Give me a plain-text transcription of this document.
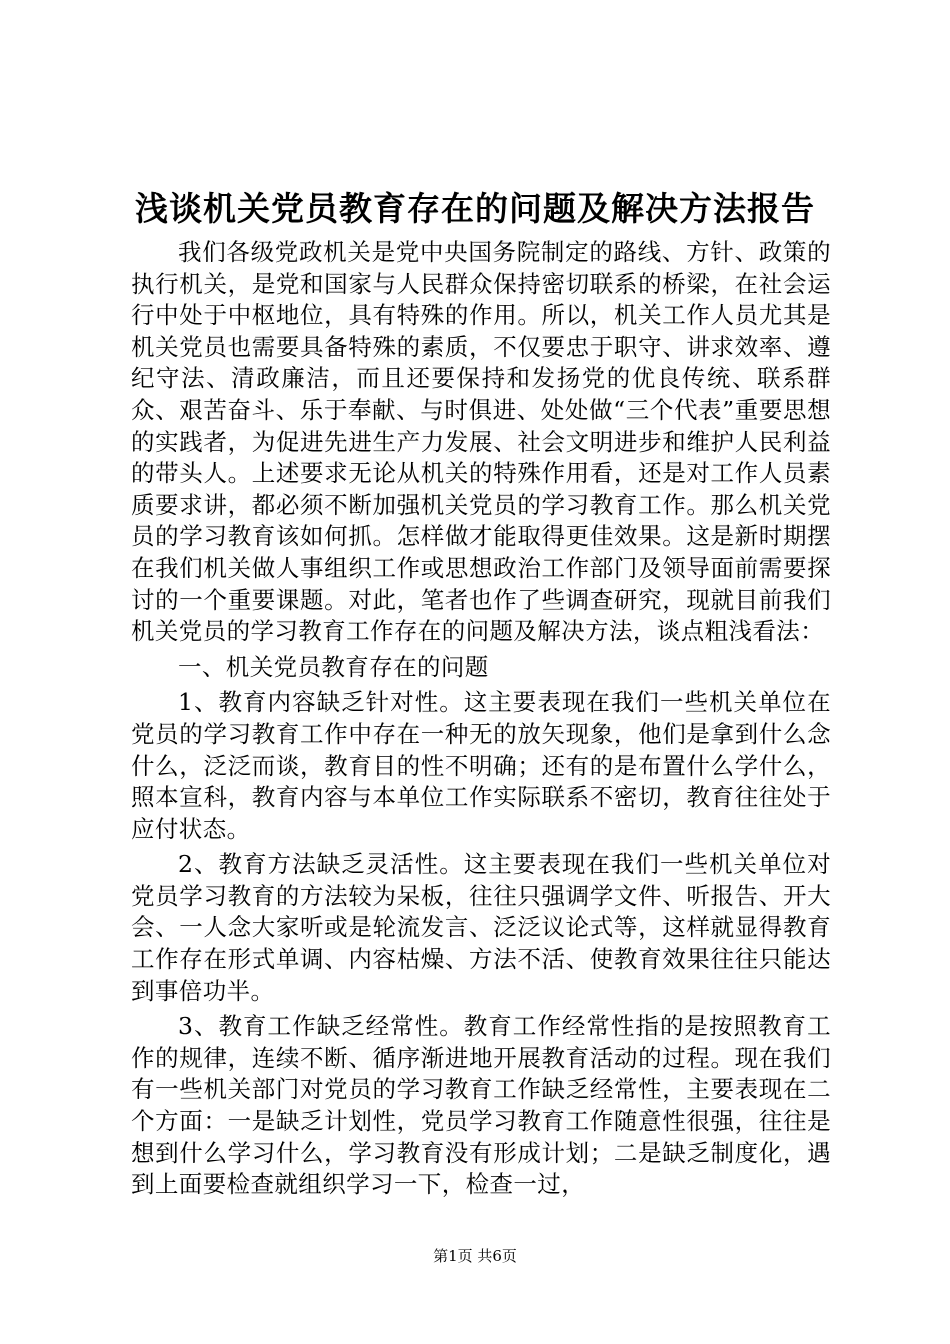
浅谈机关党员教育存在的问题及解决方法报告

我们各级党政机关是党中央国务院制定的路线、方针、政策的执行机关，是党和国家与人民群众保持密切联系的桥梁，在社会运行中处于中枢地位，具有特殊的作用。所以，机关工作人员尤其是机关党员也需要具备特殊的素质，不仅要忠于职守、讲求效率、遵纪守法、清政廉洁，而且还要保持和发扬党的优良传统、联系群众、艰苦奋斗、乐于奉献、与时俱进、处处做“三个代表”重要思想的实践者，为促进先进生产力发展、社会文明进步和维护人民利益的带头人。上述要求无论从机关的特殊作用看，还是对工作人员素质要求讲，都必须不断加强机关党员的学习教育工作。那么机关党员的学习教育该如何抓。怎样做才能取得更佳效果。这是新时期摆在我们机关做人事组织工作或思想政治工作部门及领导面前需要探讨的一个重要课题。对此，笔者也作了些调查研究，现就目前我们机关党员的学习教育工作存在的问题及解决方法，谈点粗浅看法：

一、机关党员教育存在的问题

1、教育内容缺乏针对性。这主要表现在我们一些机关单位在党员的学习教育工作中存在一种无的放矢现象，他们是拿到什么念什么，泛泛而谈，教育目的性不明确；还有的是布置什么学什么，照本宣科，教育内容与本单位工作实际联系不密切，教育往往处于应付状态。

2、教育方法缺乏灵活性。这主要表现在我们一些机关单位对党员学习教育的方法较为呆板，往往只强调学文件、听报告、开大会、一人念大家听或是轮流发言、泛泛议论式等，这样就显得教育工作存在形式单调、内容枯燥、方法不活、使教育效果往往只能达到事倍功半。

3、教育工作缺乏经常性。教育工作经常性指的是按照教育工作的规律，连续不断、循序渐进地开展教育活动的过程。现在我们有一些机关部门对党员的学习教育工作缺乏经常性，主要表现在二个方面：一是缺乏计划性，党员学习教育工作随意性很强，往往是想到什么学习什么，学习教育没有形成计划；二是缺乏制度化，遇到上面要检查就组织学习一下，检查一过，

第1页 共6页
